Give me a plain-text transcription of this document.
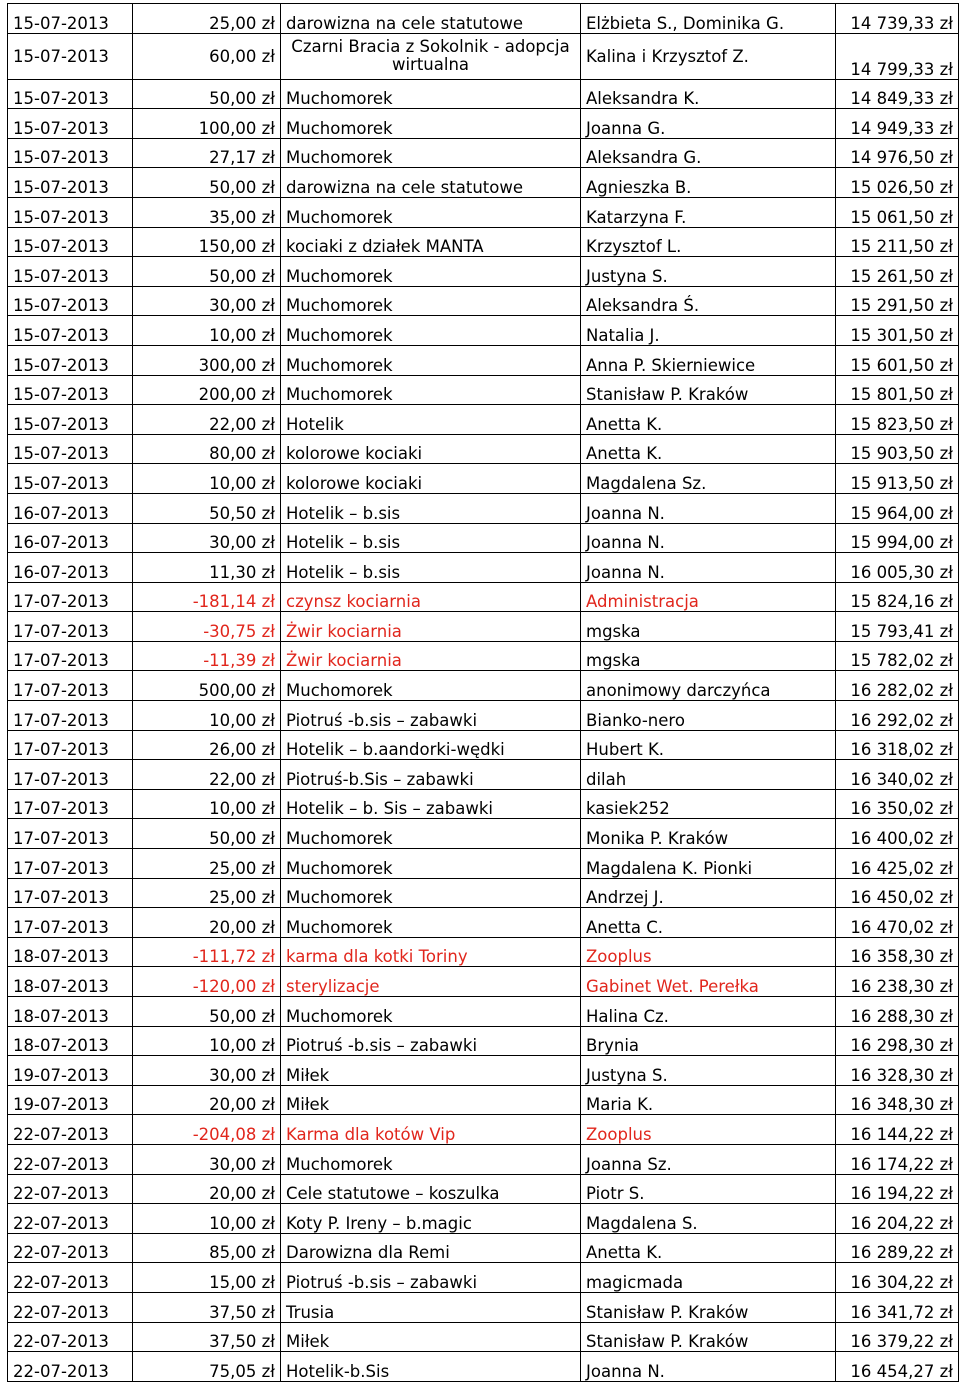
15-07-2013	25,00 zł	darowizna na cele statutowe	Elżbieta S., Dominika G.	14 739,33 zł
15-07-2013	60,00 zł	Czarni Bracia z Sokolnik - adopcja wirtualna	Kalina i Krzysztof Z.	14 799,33 zł
15-07-2013	50,00 zł	Muchomorek	Aleksandra K.	14 849,33 zł
15-07-2013	100,00 zł	Muchomorek	Joanna G.	14 949,33 zł
15-07-2013	27,17 zł	Muchomorek	Aleksandra G.	14 976,50 zł
15-07-2013	50,00 zł	darowizna na cele statutowe	Agnieszka B.	15 026,50 zł
15-07-2013	35,00 zł	Muchomorek	Katarzyna F.	15 061,50 zł
15-07-2013	150,00 zł	kociaki z działek MANTA	Krzysztof L.	15 211,50 zł
15-07-2013	50,00 zł	Muchomorek	Justyna S.	15 261,50 zł
15-07-2013	30,00 zł	Muchomorek	Aleksandra Ś.	15 291,50 zł
15-07-2013	10,00 zł	Muchomorek	Natalia J.	15 301,50 zł
15-07-2013	300,00 zł	Muchomorek	Anna P. Skierniewice	15 601,50 zł
15-07-2013	200,00 zł	Muchomorek	Stanisław P. Kraków	15 801,50 zł
15-07-2013	22,00 zł	Hotelik	Anetta K.	15 823,50 zł
15-07-2013	80,00 zł	kolorowe kociaki	Anetta K.	15 903,50 zł
15-07-2013	10,00 zł	kolorowe kociaki	Magdalena Sz.	15 913,50 zł
16-07-2013	50,50 zł	Hotelik – b.sis	Joanna N.	15 964,00 zł
16-07-2013	30,00 zł	Hotelik – b.sis	Joanna N.	15 994,00 zł
16-07-2013	11,30 zł	Hotelik – b.sis	Joanna N.	16 005,30 zł
17-07-2013	-181,14 zł	czynsz kociarnia	Administracja	15 824,16 zł
17-07-2013	-30,75 zł	Żwir kociarnia	mgska	15 793,41 zł
17-07-2013	-11,39 zł	Żwir kociarnia	mgska	15 782,02 zł
17-07-2013	500,00 zł	Muchomorek	anonimowy darczyńca	16 282,02 zł
17-07-2013	10,00 zł	Piotruś -b.sis – zabawki	Bianko-nero	16 292,02 zł
17-07-2013	26,00 zł	Hotelik – b.aandorki-wędki	Hubert K.	16 318,02 zł
17-07-2013	22,00 zł	Piotruś-b.Sis – zabawki	dilah	16 340,02 zł
17-07-2013	10,00 zł	Hotelik – b. Sis – zabawki	kasiek252	16 350,02 zł
17-07-2013	50,00 zł	Muchomorek	Monika P. Kraków	16 400,02 zł
17-07-2013	25,00 zł	Muchomorek	Magdalena K. Pionki	16 425,02 zł
17-07-2013	25,00 zł	Muchomorek	Andrzej J.	16 450,02 zł
17-07-2013	20,00 zł	Muchomorek	Anetta C.	16 470,02 zł
18-07-2013	-111,72 zł	karma dla kotki Toriny	Zooplus	16 358,30 zł
18-07-2013	-120,00 zł	sterylizacje	Gabinet Wet. Perełka	16 238,30 zł
18-07-2013	50,00 zł	Muchomorek	Halina Cz.	16 288,30 zł
18-07-2013	10,00 zł	Piotruś -b.sis – zabawki	Brynia	16 298,30 zł
19-07-2013	30,00 zł	Miłek	Justyna S.	16 328,30 zł
19-07-2013	20,00 zł	Miłek	Maria K.	16 348,30 zł
22-07-2013	-204,08 zł	Karma dla kotów Vip	Zooplus	16 144,22 zł
22-07-2013	30,00 zł	Muchomorek	Joanna Sz.	16 174,22 zł
22-07-2013	20,00 zł	Cele statutowe – koszulka	Piotr S.	16 194,22 zł
22-07-2013	10,00 zł	Koty P. Ireny – b.magic	Magdalena S.	16 204,22 zł
22-07-2013	85,00 zł	Darowizna dla Remi	Anetta K.	16 289,22 zł
22-07-2013	15,00 zł	Piotruś -b.sis – zabawki	magicmada	16 304,22 zł
22-07-2013	37,50 zł	Trusia	Stanisław P. Kraków	16 341,72 zł
22-07-2013	37,50 zł	Miłek	Stanisław P. Kraków	16 379,22 zł
22-07-2013	75,05 zł	Hotelik-b.Sis	Joanna N.	16 454,27 zł
